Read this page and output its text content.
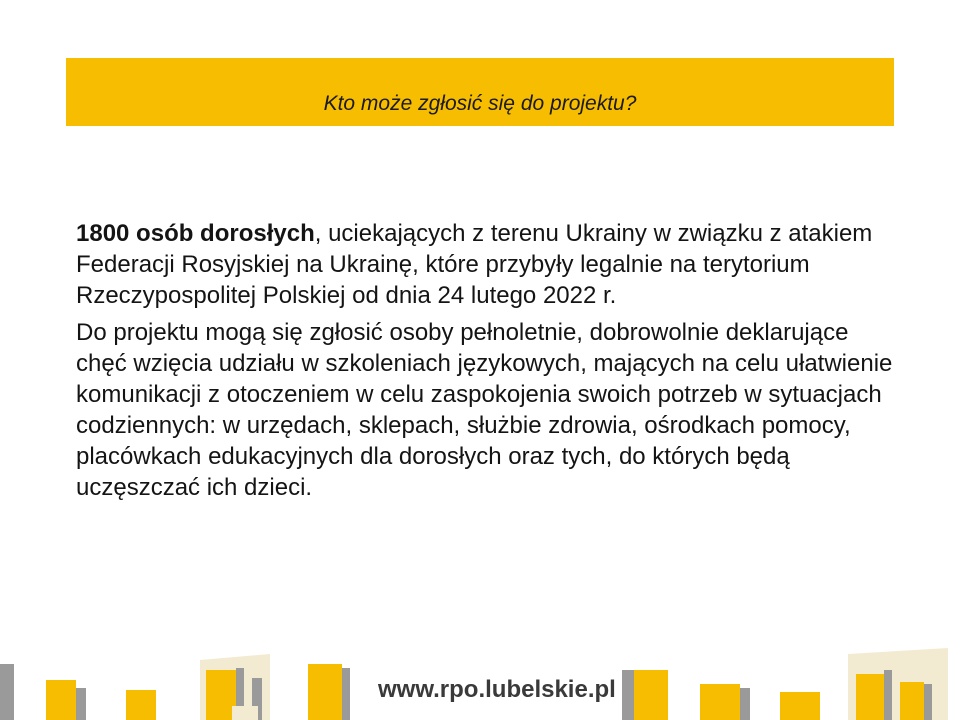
Kto może zgłosić się do projektu?

1800 osób dorosłych, uciekających z terenu Ukrainy w związku z atakiem Federacji Rosyjskiej na Ukrainę, które przybyły legalnie na terytorium Rzeczypospolitej Polskiej od dnia 24 lutego 2022 r.

Do projektu mogą się zgłosić osoby pełnoletnie, dobrowolnie deklarujące chęć wzięcia udziału w szkoleniach językowych, mających na celu ułatwienie komunikacji z otoczeniem w celu zaspokojenia swoich potrzeb w sytuacjach codziennych: w urzędach, sklepach, służbie zdrowia, ośrodkach pomocy, placówkach edukacyjnych dla dorosłych oraz tych, do których będą uczęszczać ich dzieci.

www.rpo.lubelskie.pl
